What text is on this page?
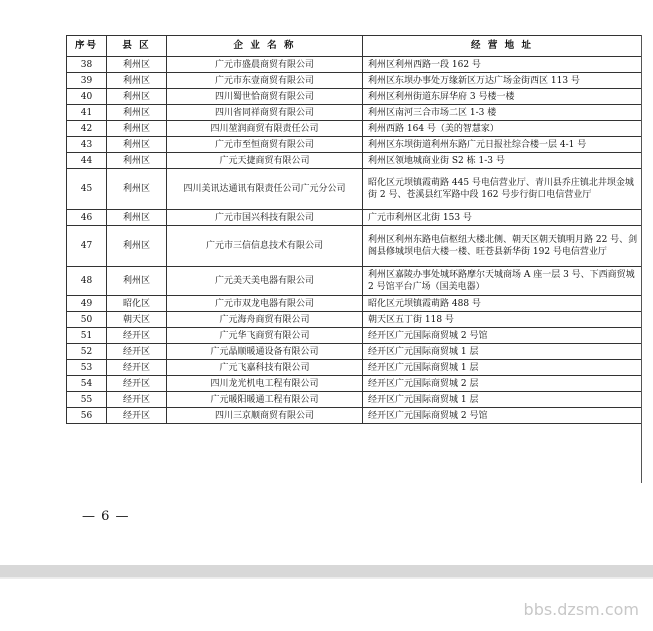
序号	县 区	企 业 名 称	经 营 地 址
38	利州区	广元市盛晨商贸有限公司	利州区利州西路一段 162 号
39	利州区	广元市东壹商贸有限公司	利州区东坝办事处万缘新区万达广场金街西区 113 号
40	利州区	四川蜀世恰商贸有限公司	利州区利州街道东屏华府 3 号楼一楼
41	利州区	四川省同祥商贸有限公司	利州区南河三合市场二区 1-3 楼
42	利州区	四川堃润商贸有限责任公司	利州西路 164 号（美的智慧家）
43	利州区	广元市至恒商贸有限公司	利州区东坝街道利州东路广元日报社综合楼一层 4-1 号
44	利州区	广元天捷商贸有限公司	利州区领地城商业街 S2 栋 1-3 号
45	利州区	四川美讯达通讯有限责任公司广元分公司	昭化区元坝镇霞萌路 445 号电信营业厅、青川县乔庄镇北井坝金城街 2 号、苍溪县红军路中段 162 号步行街口电信营业厅
46	利州区	广元市国兴科技有限公司	广元市利州区北街 153 号
47	利州区	广元市三信信息技术有限公司	利州区利州东路电信枢纽大楼北侧、朝天区朝天镇明月路 22 号、剑阁县修城坝电信大楼一楼、旺苍县新华街 192 号电信营业厅
48	利州区	广元美天美电器有限公司	利州区嘉陵办事处城环路摩尔天城商场 A 座一层 3 号、下西商贸城 2 号馆平台广场（国美电器）
49	昭化区	广元市双龙电器有限公司	昭化区元坝镇霞萌路 488 号
50	朝天区	广元海舟商贸有限公司	朝天区五丁街 118 号
51	经开区	广元华飞商贸有限公司	经开区广元国际商贸城 2 号馆
52	经开区	广元晶顺暖通设备有限公司	经开区广元国际商贸城 1 层
53	经开区	广元飞嘉科技有限公司	经开区广元国际商贸城 1 层
54	经开区	四川龙光机电工程有限公司	经开区广元国际商贸城 2 层
55	经开区	广元暖阳暖通工程有限公司	经开区广元国际商贸城 1 层
56	经开区	四川三京顺商贸有限公司	经开区广元国际商贸城 2 号馆
— 6 —
bbs.dzsm.com
